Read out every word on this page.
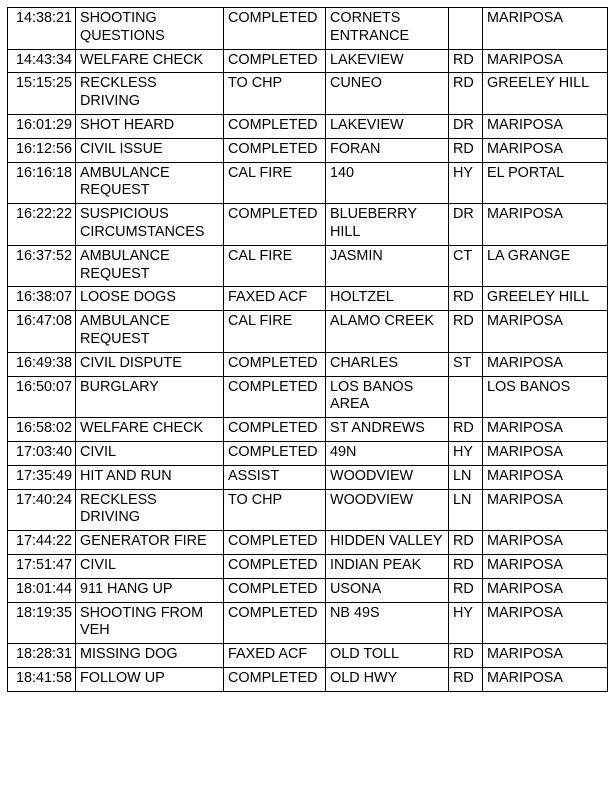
14:38:21	SHOOTING QUESTIONS	COMPLETED	CORNETS ENTRANCE		MARIPOSA
14:43:34	WELFARE CHECK	COMPLETED	LAKEVIEW	RD	MARIPOSA
15:15:25	RECKLESS DRIVING	TO CHP	CUNEO	RD	GREELEY HILL
16:01:29	SHOT HEARD	COMPLETED	LAKEVIEW	DR	MARIPOSA
16:12:56	CIVIL ISSUE	COMPLETED	FORAN	RD	MARIPOSA
16:16:18	AMBULANCE REQUEST	CAL FIRE	140	HY	EL PORTAL
16:22:22	SUSPICIOUS CIRCUMSTANCES	COMPLETED	BLUEBERRY HILL	DR	MARIPOSA
16:37:52	AMBULANCE REQUEST	CAL FIRE	JASMIN	CT	LA GRANGE
16:38:07	LOOSE DOGS	FAXED ACF	HOLTZEL	RD	GREELEY HILL
16:47:08	AMBULANCE REQUEST	CAL FIRE	ALAMO CREEK	RD	MARIPOSA
16:49:38	CIVIL DISPUTE	COMPLETED	CHARLES	ST	MARIPOSA
16:50:07	BURGLARY	COMPLETED	LOS BANOS AREA		LOS BANOS
16:58:02	WELFARE CHECK	COMPLETED	ST ANDREWS	RD	MARIPOSA
17:03:40	CIVIL	COMPLETED	49N	HY	MARIPOSA
17:35:49	HIT AND RUN	ASSIST	WOODVIEW	LN	MARIPOSA
17:40:24	RECKLESS DRIVING	TO CHP	WOODVIEW	LN	MARIPOSA
17:44:22	GENERATOR FIRE	COMPLETED	HIDDEN VALLEY	RD	MARIPOSA
17:51:47	CIVIL	COMPLETED	INDIAN PEAK	RD	MARIPOSA
18:01:44	911 HANG UP	COMPLETED	USONA	RD	MARIPOSA
18:19:35	SHOOTING FROM VEH	COMPLETED	NB 49S	HY	MARIPOSA
18:28:31	MISSING DOG	FAXED ACF	OLD TOLL	RD	MARIPOSA
18:41:58	FOLLOW UP	COMPLETED	OLD HWY	RD	MARIPOSA
